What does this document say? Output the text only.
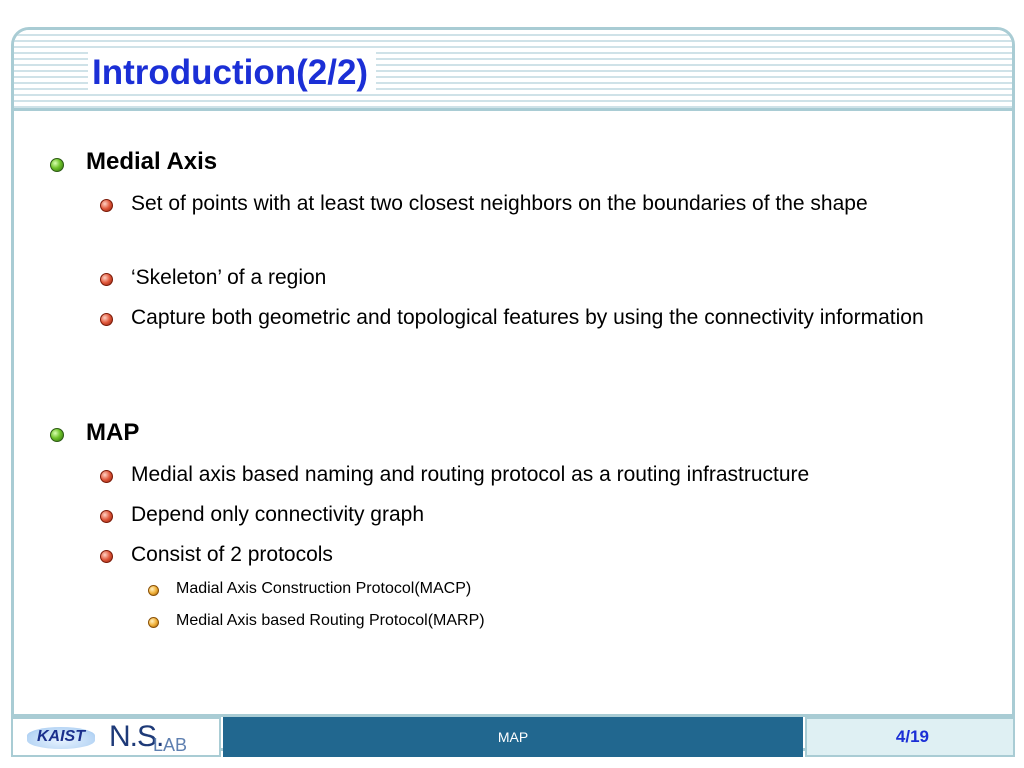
Introduction(2/2)
Medial Axis
Set of points with at least two closest neighbors on the boundaries of the shape
‘Skeleton’ of a region
Capture both geometric and topological features by using the connectivity information
MAP
Medial axis based naming and routing protocol as a routing infrastructure
Depend only connectivity graph
Consist of 2 protocols
Madial Axis Construction Protocol(MACP)
Medial Axis based Routing Protocol(MARP)
KAIST N.S.
LAB	MAP	4/19
